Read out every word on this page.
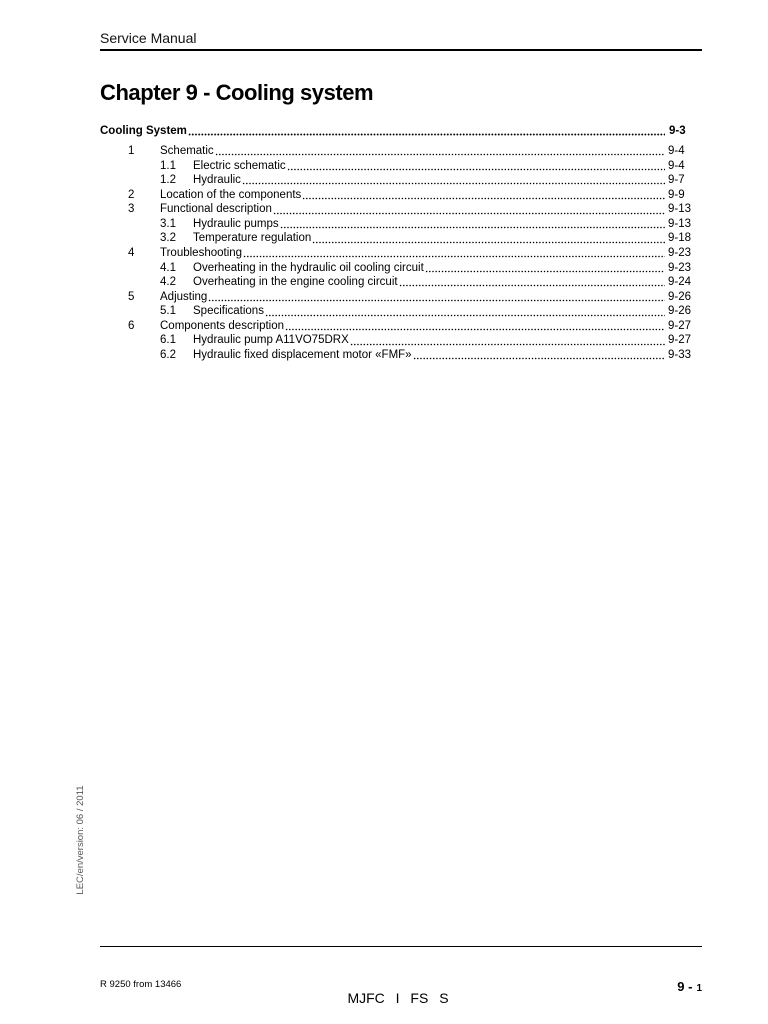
Service Manual
Chapter 9 - Cooling system
Cooling System	9-3
1 Schematic	9-4
1.1 Electric schematic	9-4
1.2 Hydraulic	9-7
2 Location of the components	9-9
3 Functional description	9-13
3.1 Hydraulic pumps	9-13
3.2 Temperature regulation	9-18
4 Troubleshooting	9-23
4.1 Overheating in the hydraulic oil cooling circuit	9-23
4.2 Overheating in the engine cooling circuit	9-24
5 Adjusting	9-26
5.1 Specifications	9-26
6 Components description	9-27
6.1 Hydraulic pump A11VO75DRX	9-27
6.2 Hydraulic fixed displacement motor «FMF»	9-33
LEC/en/version: 06 / 2011
R 9250 from 13466
MJFC I FS S
9 - 1
